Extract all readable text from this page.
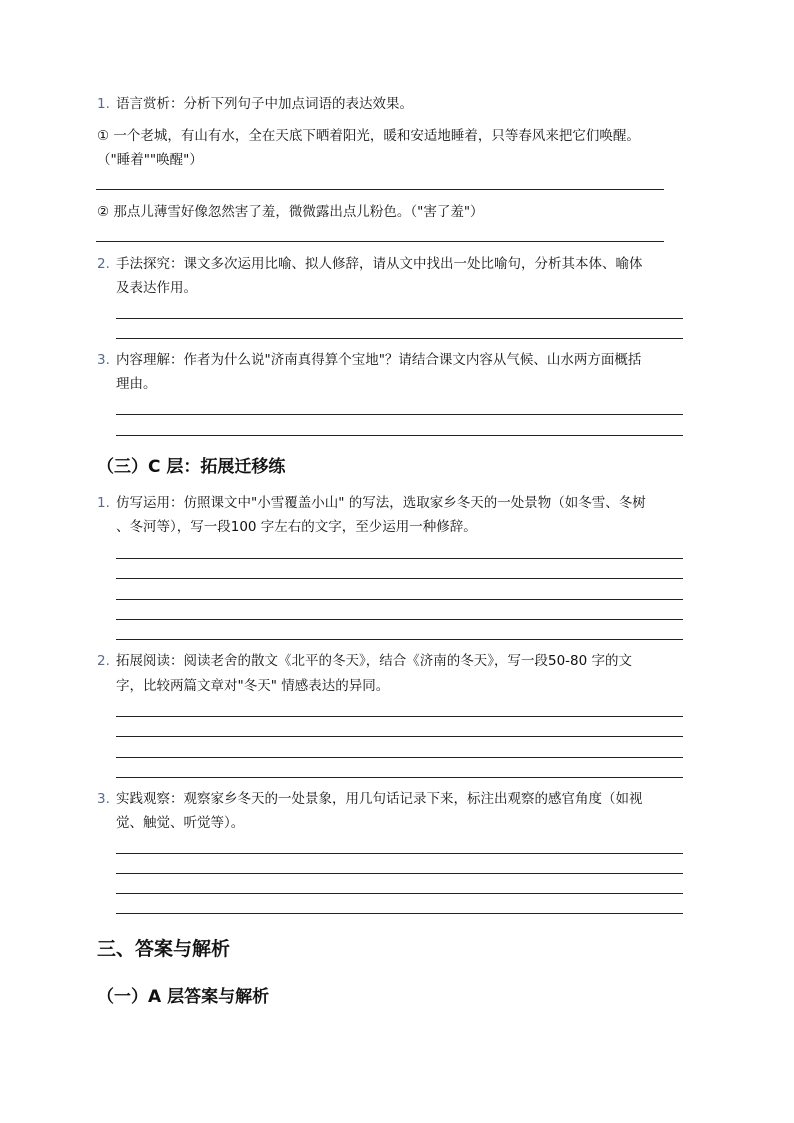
1. 语言赏析：分析下列句子中加点词语的表达效果。
① 一个老城，有山有水，全在天底下晒着阳光，暖和安适地睡着，只等春风来把它们唤醒。
（"睡着""唤醒"）
② 那点儿薄雪好像忽然害了羞，微微露出点儿粉色。（"害了羞"）
2. 手法探究：课文多次运用比喻、拟人修辞，请从文中找出一处比喻句，分析其本体、喻体
及表达作用。
3. 内容理解：作者为什么说"济南真得算个宝地"？请结合课文内容从气候、山水两方面概括
理由。
（三）C 层：拓展迁移练
1. 仿写运用：仿照课文中"小雪覆盖小山" 的写法，选取家乡冬天的一处景物（如冬雪、冬树
、冬河等），写一段100 字左右的文字，至少运用一种修辞。
2. 拓展阅读：阅读老舍的散文《北平的冬天》，结合《济南的冬天》，写一段50-80 字的文
字，比较两篇文章对"冬天" 情感表达的异同。
3. 实践观察：观察家乡冬天的一处景象，用几句话记录下来，标注出观察的感官角度（如视
觉、触觉、听觉等）。
三、答案与解析
（一）A 层答案与解析
